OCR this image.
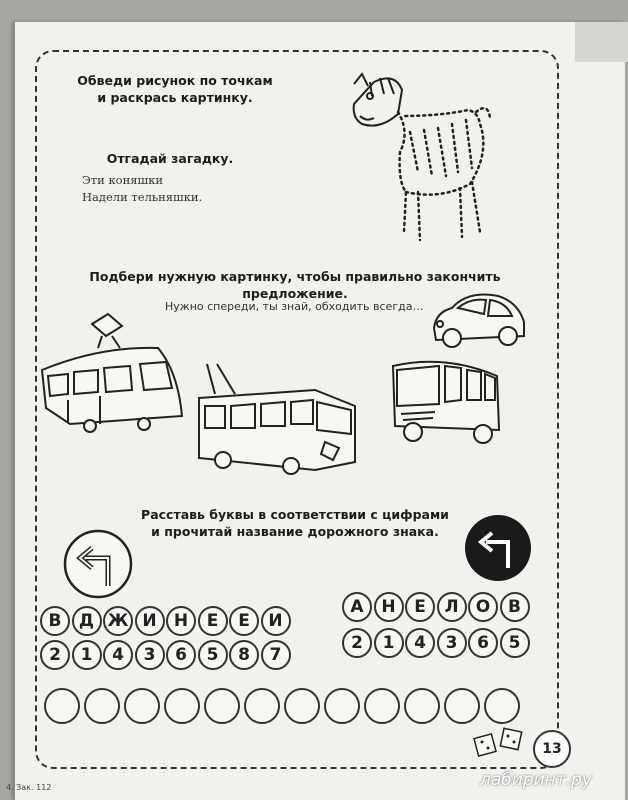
Обведи рисунок по точкам
и раскрась картинку.
Отгадай загадку.
Эти коняшки
Надели тельняшки.
Подбери нужную картинку, чтобы правильно закончить предложение.
Нужно спереди, ты знай, обходить всегда…
Расставь буквы в соответствии с цифрами
и прочитай название дорожного знака.
В	Д Ж И	Н	Е	Е	И
А	Н	Е	Л	О	В
2	1	4	3	6	5	8	7
2	1	4	3	6	5
13
4. Зак. 112	лабиринт.ру
